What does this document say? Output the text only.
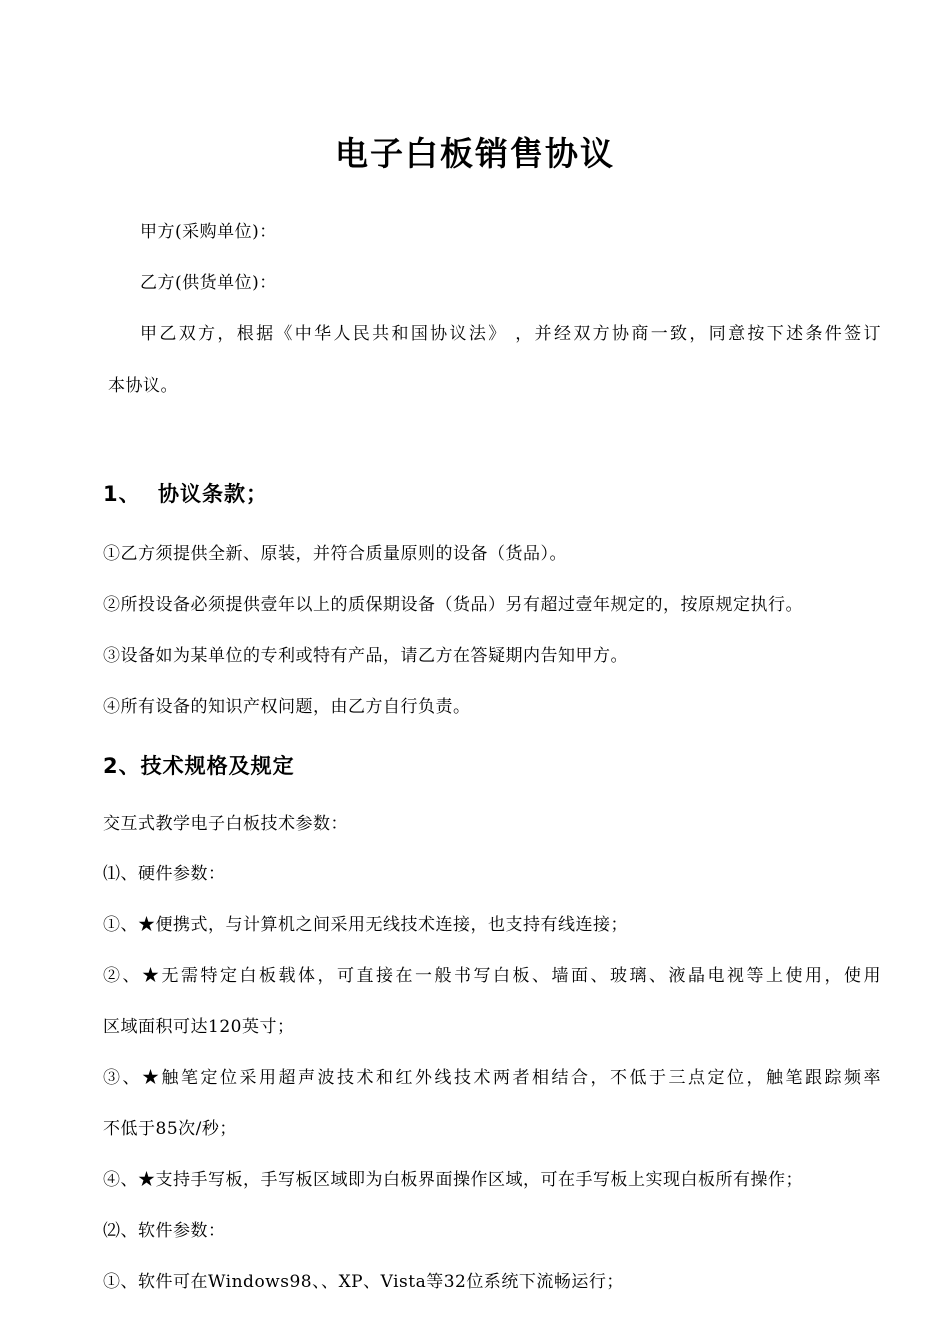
电子白板销售协议
甲方(采购单位)：
乙方(供货单位)：
甲乙双方，根据《中华人民共和国协议法》 ，并经双方协商一致，同意按下述条件签订
本协议。
1、 协议条款；
①乙方须提供全新、原装，并符合质量原则的设备（货品）。
②所投设备必须提供壹年以上的质保期设备（货品）另有超过壹年规定的，按原规定执行。
③设备如为某单位的专利或特有产品，请乙方在答疑期内告知甲方。
④所有设备的知识产权问题，由乙方自行负责。
2、技术规格及规定
交互式教学电子白板技术参数：
⑴、硬件参数：
①、★便携式，与计算机之间采用无线技术连接，也支持有线连接；
②、★无需特定白板载体，可直接在一般书写白板、墙面、玻璃、液晶电视等上使用，使用
区域面积可达120英寸；
③、★触笔定位采用超声波技术和红外线技术两者相结合，不低于三点定位，触笔跟踪频率
不低于85次/秒；
④、★支持手写板，手写板区域即为白板界面操作区域，可在手写板上实现白板所有操作；
⑵、软件参数：
①、软件可在Windows98、、XP、Vista等32位系统下流畅运行；
